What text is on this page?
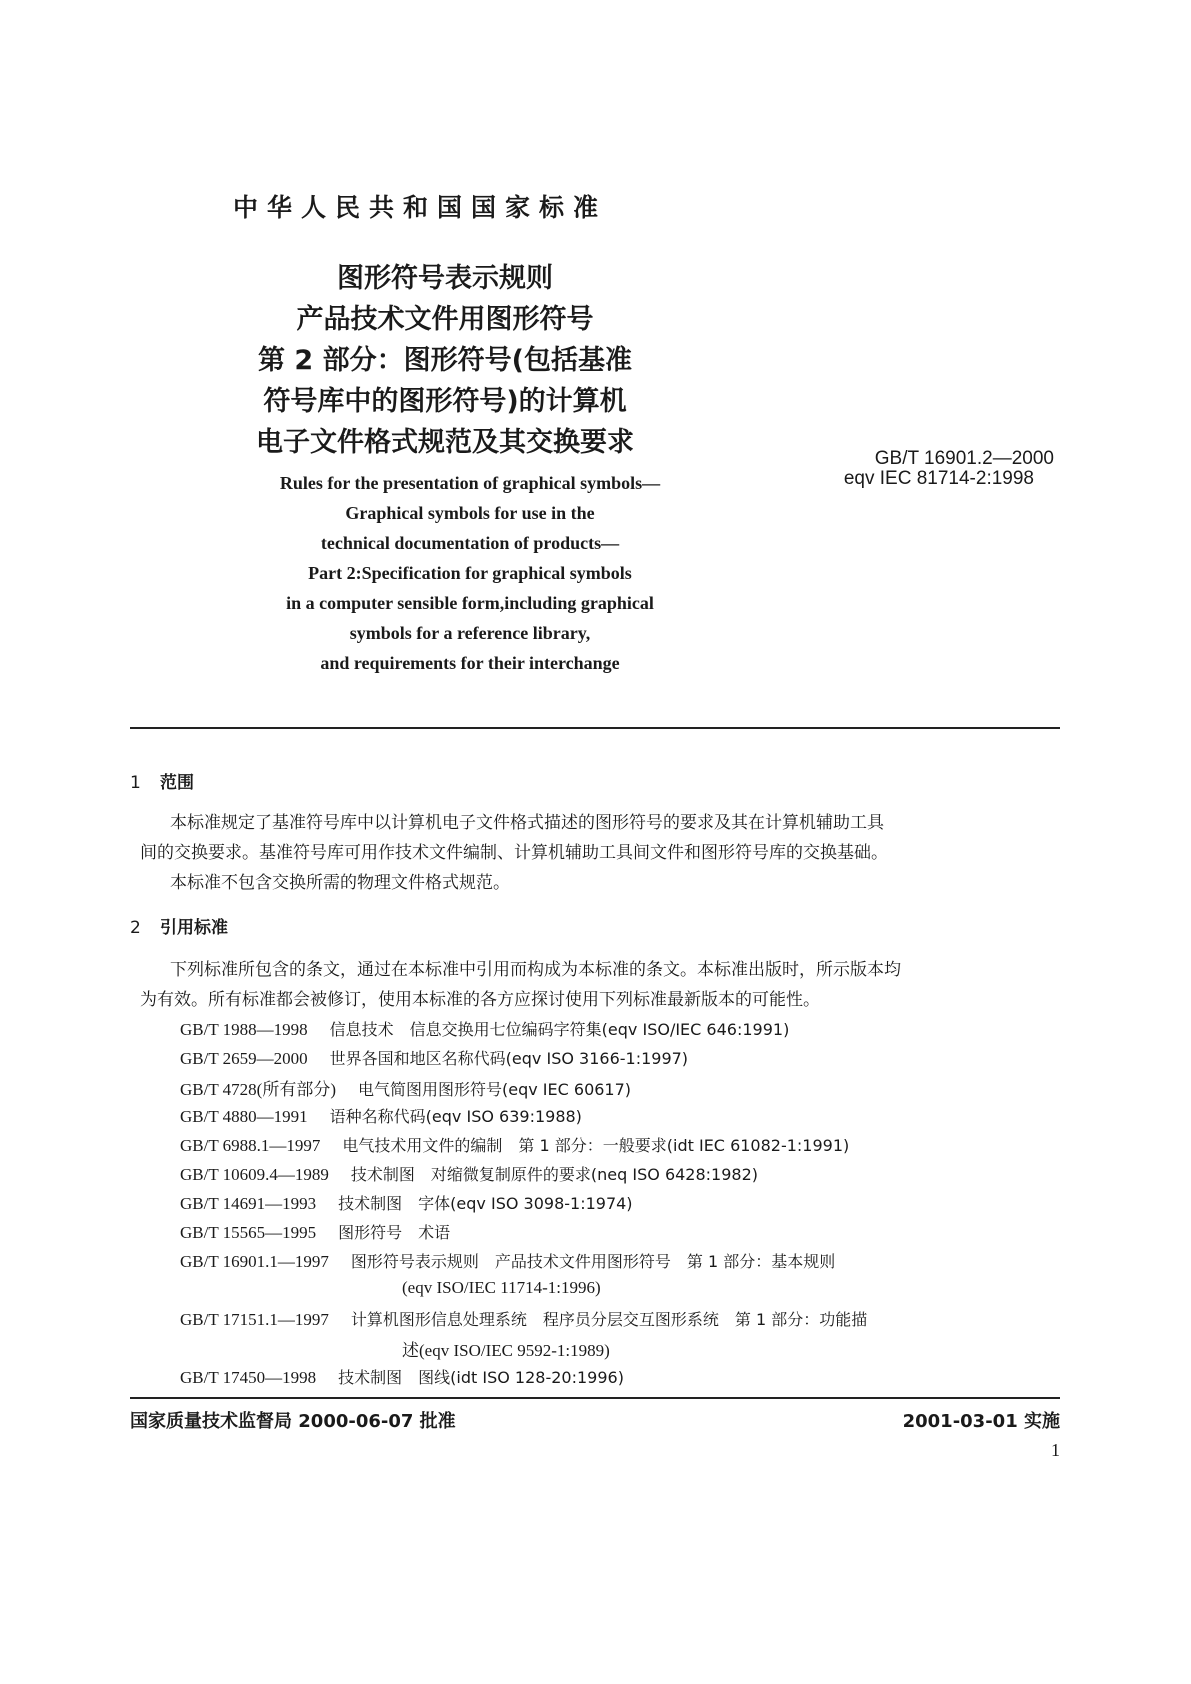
中华人民共和国国家标准
图形符号表示规则
产品技术文件用图形符号
第 2 部分：图形符号(包括基准
符号库中的图形符号)的计算机
电子文件格式规范及其交换要求
GB/T 16901.2—2000
eqv IEC 81714-2:1998
Rules for the presentation of graphical symbols—
Graphical symbols for use in the
technical documentation of products—
Part 2:Specification for graphical symbols
in a computer sensible form,including graphical
symbols for a reference library,
and requirements for their interchange
1 范围
本标准规定了基准符号库中以计算机电子文件格式描述的图形符号的要求及其在计算机辅助工具
间的交换要求。基准符号库可用作技术文件编制、计算机辅助工具间文件和图形符号库的交换基础。
本标准不包含交换所需的物理文件格式规范。
2 引用标准
下列标准所包含的条文，通过在本标准中引用而构成为本标准的条文。本标准出版时，所示版本均
为有效。所有标准都会被修订，使用本标准的各方应探讨使用下列标准最新版本的可能性。
GB/T 1988—1998 信息技术　信息交换用七位编码字符集(eqv ISO/IEC 646:1991)
GB/T 2659—2000 世界各国和地区名称代码(eqv ISO 3166-1:1997)
GB/T 4728(所有部分) 电气简图用图形符号(eqv IEC 60617)
GB/T 4880—1991 语种名称代码(eqv ISO 639:1988)
GB/T 6988.1—1997 电气技术用文件的编制　第 1 部分：一般要求(idt IEC 61082-1:1991)
GB/T 10609.4—1989 技术制图　对缩微复制原件的要求(neq ISO 6428:1982)
GB/T 14691—1993 技术制图　字体(eqv ISO 3098-1:1974)
GB/T 15565—1995 图形符号　术语
GB/T 16901.1—1997 图形符号表示规则　产品技术文件用图形符号　第 1 部分：基本规则
(eqv ISO/IEC 11714-1:1996)
GB/T 17151.1—1997 计算机图形信息处理系统　程序员分层交互图形系统　第 1 部分：功能描
述(eqv ISO/IEC 9592-1:1989)
GB/T 17450—1998 技术制图　图线(idt ISO 128-20:1996)
国家质量技术监督局 2000-06-07 批准	2001-03-01 实施
1
